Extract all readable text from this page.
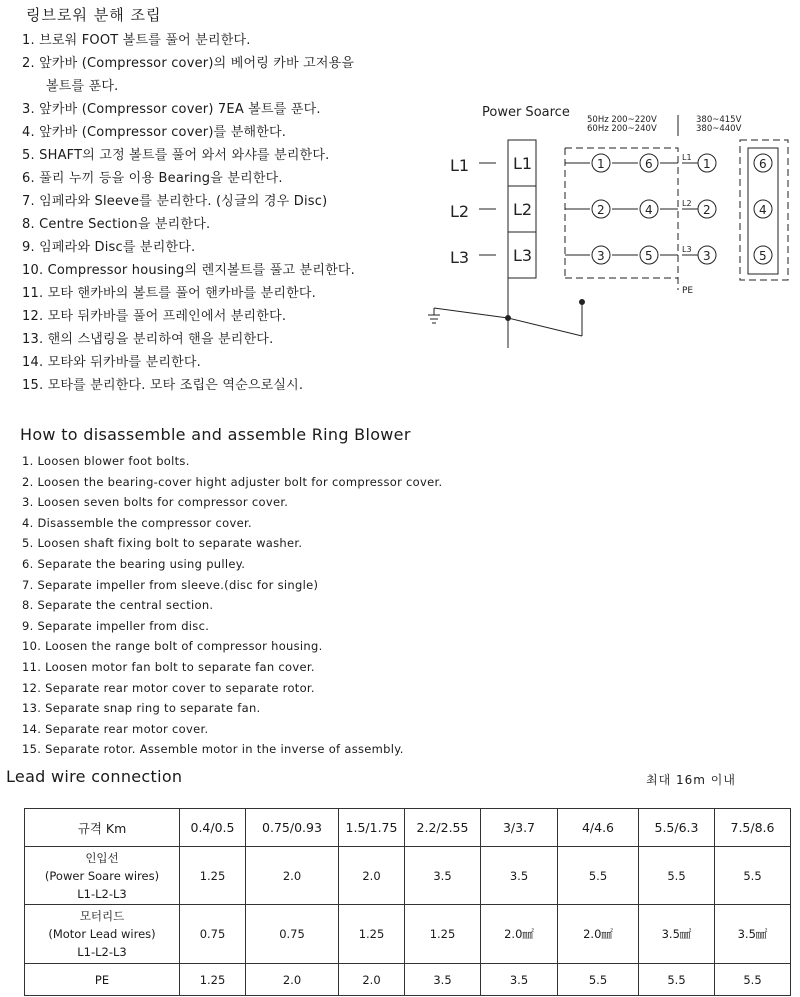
링브로워 분해 조립
1. 브로워 FOOT 볼트를 풀어 분리한다.
2. 앞카바 (Compressor cover)의 베어링 카바 고저용을
볼트를 푼다.
3. 앞카바 (Compressor cover) 7EA 볼트를 푼다.
4. 앞카바 (Compressor cover)를 분해한다.
5. SHAFT의 고정 볼트를 풀어 와서 와샤를 분리한다.
6. 풀리 누끼 등을 이용 Bearing을 분리한다.
7. 임페라와 Sleeve를 분리한다. (싱글의 경우 Disc)
8. Centre Section을 분리한다.
9. 임페라와 Disc를 분리한다.
10. Compressor housing의 렌지볼트를 풀고 분리한다.
11. 모타 핸카바의 볼트를 풀어 핸카바를 분리한다.
12. 모타 뒤카바를 풀어 프레인에서 분리한다.
13. 핸의 스냅링을 분리하여 핸을 분리한다.
14. 모타와 뒤카바를 분리한다.
15. 모타를 분리한다. 모타 조립은 역순으로실시.
Power Soarce 50Hz 200~220V
60Hz 200~240V
380~415V
380~440V
L1
L2
L3
L1
L2
L3
1	6
2	4
3	5
L1
L2
L3
1
2
3
6
4
5
PE
How to disassemble and assemble Ring Blower
1. Loosen blower foot bolts.
2. Loosen the bearing-cover hight adjuster bolt for compressor cover.
3. Loosen seven bolts for compressor cover.
4. Disassemble the compressor cover.
5. Loosen shaft fixing bolt to separate washer.
6. Separate the bearing using pulley.
7. Separate impeller from sleeve.(disc for single)
8. Separate the central section.
9. Separate impeller from disc.
10. Loosen the range bolt of compressor housing.
11. Loosen motor fan bolt to separate fan cover.
12. Separate rear motor cover to separate rotor.
13. Separate snap ring to separate fan.
14. Separate rear motor cover.
15. Separate rotor. Assemble motor in the inverse of assembly.
Lead wire connection	최대 16m 이내
규격 Km	0.4/0.5	0.75/0.93	1.5/1.75	2.2/2.55	3/3.7	4/4.6	5.5/6.3	7.5/8.6

인입선
(Power Soare wires)
L1-L2-L3	1.25	2.0	2.0	3.5	3.5	5.5	5.5	5.5

모터리드
(Motor Lead wires)
L1-L2-L3	0.75	0.75	1.25	1.25	2.0㎟	2.0㎟	3.5㎟	3.5㎟

PE	1.25	2.0	2.0	3.5	3.5	5.5	5.5	5.5
